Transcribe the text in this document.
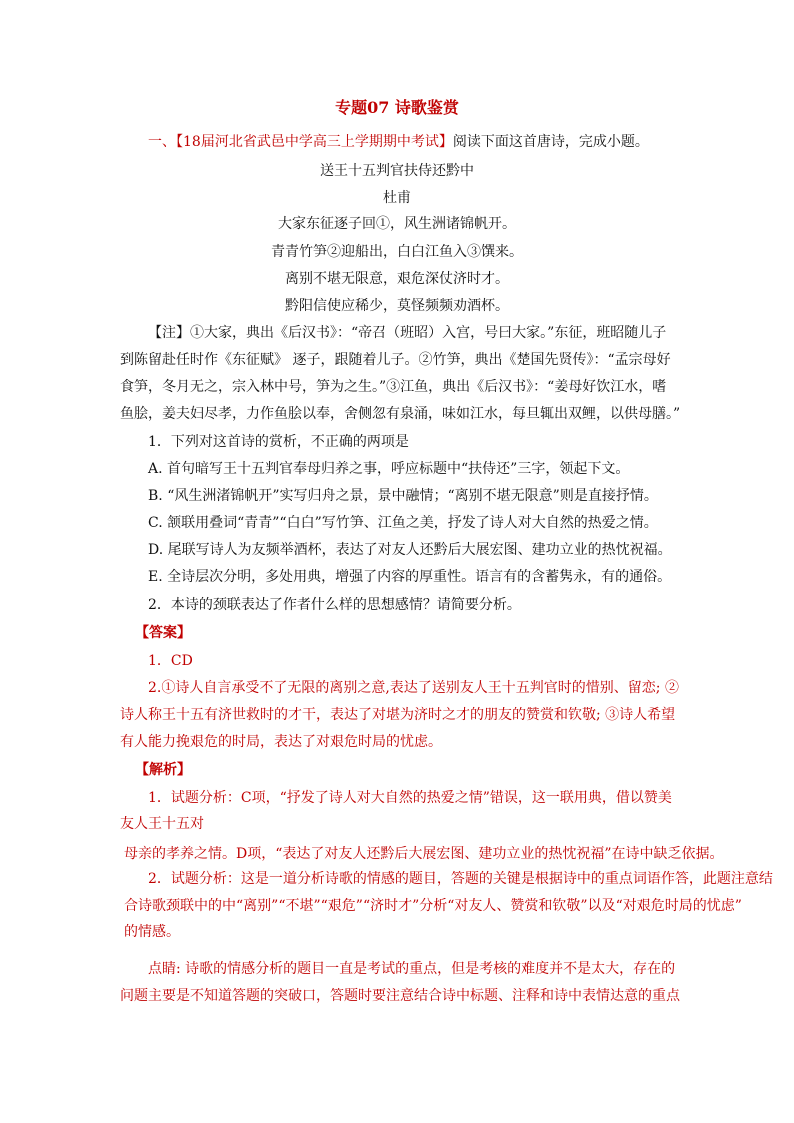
专题07 诗歌鉴赏
一、【18届河北省武邑中学高三上学期期中考试】阅读下面这首唐诗，完成小题。
送王十五判官扶侍还黔中
杜甫
大家东征逐子回①，风生洲诸锦帆开。
青青竹笋②迎船出，白白江鱼入③馔来。
离别不堪无限意，艰危深仗济时才。
黔阳信使应稀少，莫怪频频劝酒杯。
【注】①大家，典出《后汉书》：“帝召（班昭）入宫，号曰大家。”东征，班昭随儿子
到陈留赴任时作《东征赋》 逐子，跟随着儿子。②竹笋，典出《楚国先贤传》：“孟宗母好
食笋，冬月无之，宗入林中号，笋为之生。”③江鱼，典出《后汉书》：“姜母好饮江水，嗜
鱼脍，姜夫妇尽孝，力作鱼脍以奉，舍侧忽有泉涌，味如江水，每旦辄出双鲤，以供母膳。”
1．下列对这首诗的赏析，不正确的两项是
A. 首句暗写王十五判官奉母归养之事，呼应标题中“扶侍还”三字，领起下文。
B. “风生洲渚锦帆开”实写归舟之景，景中融情；“离别不堪无限意”则是直接抒情。
C. 颔联用叠词“青青”“白白”写竹笋、江鱼之美，抒发了诗人对大自然的热爱之情。
D. 尾联写诗人为友频举酒杯，表达了对友人还黔后大展宏图、建功立业的热忱祝福。
E. 全诗层次分明，多处用典，增强了内容的厚重性。语言有的含蓄隽永，有的通俗。
2．本诗的颈联表达了作者什么样的思想感情？请简要分析。
【答案】
1．CD
2.①诗人自言承受不了无限的离别之意,表达了送别友人王十五判官时的惜别、留恋; ②
诗人称王十五有济世救时的才干，表达了对堪为济时之才的朋友的赞赏和钦敬; ③诗人希望
有人能力挽艰危的时局，表达了对艰危时局的忧虑。
【解析】
1．试题分析：C项，“抒发了诗人对大自然的热爱之情”错误，这一联用典，借以赞美
友人王十五对
母亲的孝养之情。D项，“表达了对友人还黔后大展宏图、建功立业的热忱祝福”在诗中缺乏依据。
2．试题分析：这是一道分析诗歌的情感的题目，答题的关键是根据诗中的重点词语作答，此题注意结
合诗歌颈联中的中“离别”“不堪”“艰危”“济时才”分析“对友人、赞赏和钦敬”以及“对艰危时局的忧虑”
的情感。
点睛: 诗歌的情感分析的题目一直是考试的重点，但是考核的难度并不是太大，存在的
问题主要是不知道答题的突破口，答题时要注意结合诗中标题、注释和诗中表情达意的重点
